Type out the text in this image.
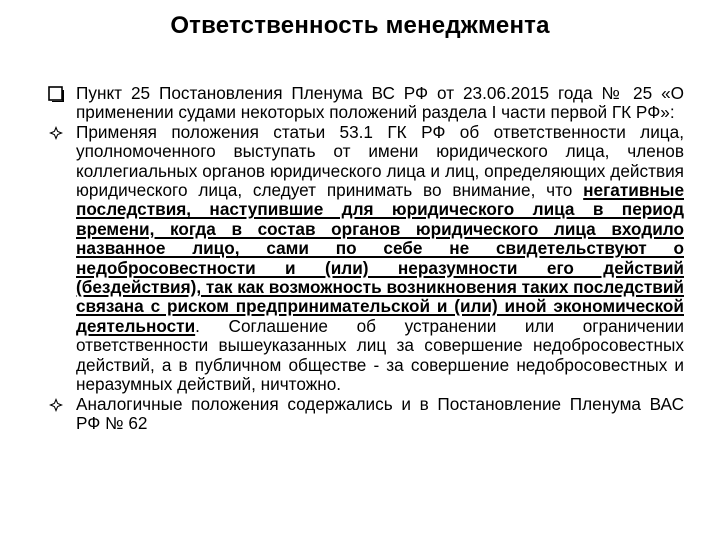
Ответственность менеджмента
Пункт 25 Постановления Пленума ВС РФ от 23.06.2015 года № 25 «О применении судами некоторых положений раздела I части первой ГК РФ»:
Применяя положения статьи 53.1 ГК РФ об ответственности лица, уполномоченного выступать от имени юридического лица, членов коллегиальных органов юридического лица и лиц, определяющих действия юридического лица, следует принимать во внимание, что негативные последствия, наступившие для юридического лица в период времени, когда в состав органов юридического лица входило названное лицо, сами по себе не свидетельствуют о недобросовестности и (или) неразумности его действий (бездействия), так как возможность возникновения таких последствий связана с риском предпринимательской и (или) иной экономической деятельности. Соглашение об устранении или ограничении ответственности вышеуказанных лиц за совершение недобросовестных действий, а в публичном обществе - за совершение недобросовестных и неразумных действий, ничтожно.
Аналогичные положения содержались и в Постановление Пленума ВАС РФ № 62
